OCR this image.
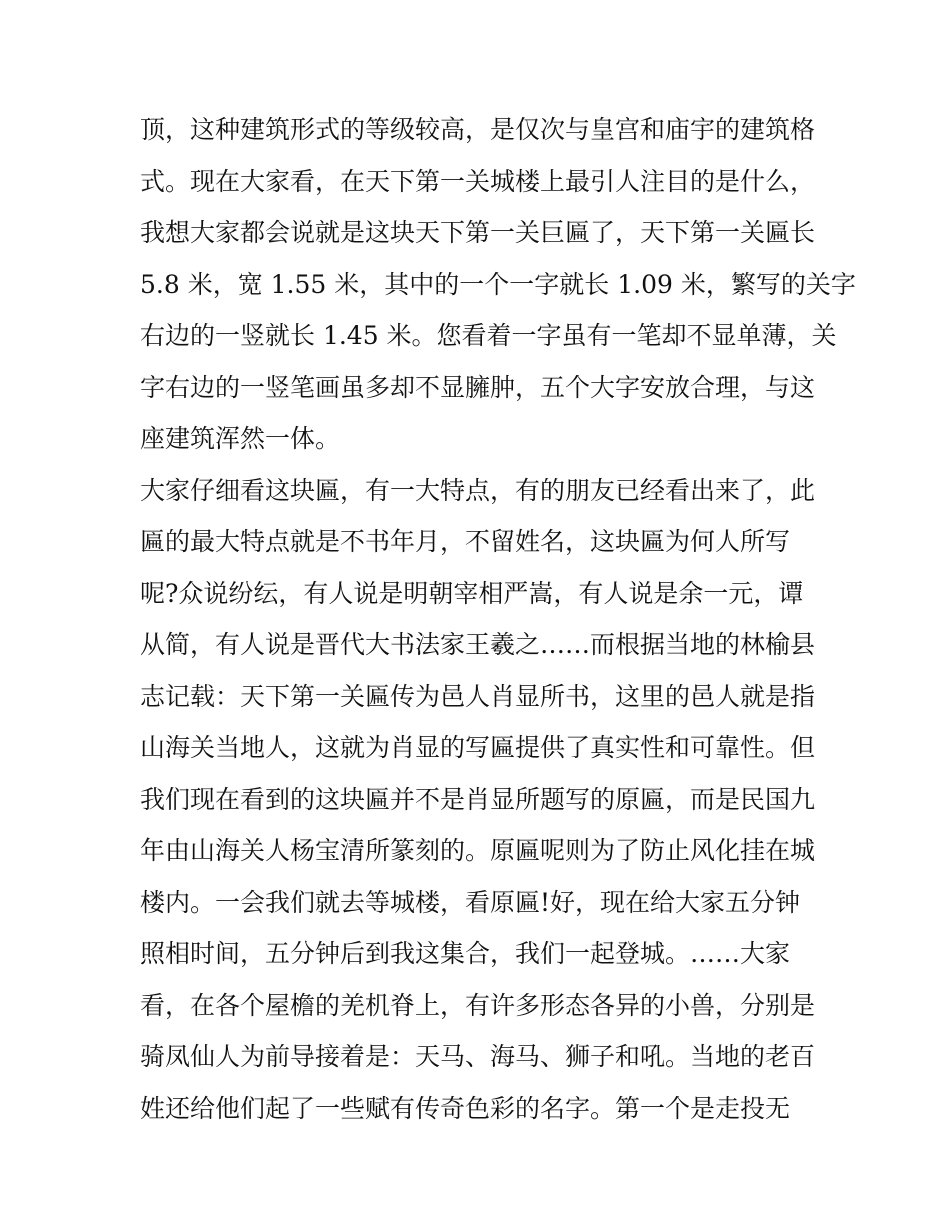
顶，这种建筑形式的等级较高，是仅次与皇宫和庙宇的建筑格
式。现在大家看，在天下第一关城楼上最引人注目的是什么，
我想大家都会说就是这块天下第一关巨匾了，天下第一关匾长
5.8 米，宽 1.55 米，其中的一个一字就长 1.09 米，繁写的关字
右边的一竖就长 1.45 米。您看着一字虽有一笔却不显单薄，关
字右边的一竖笔画虽多却不显臃肿，五个大字安放合理，与这
座建筑浑然一体。
大家仔细看这块匾，有一大特点，有的朋友已经看出来了，此
匾的最大特点就是不书年月，不留姓名，这块匾为何人所写
呢?众说纷纭，有人说是明朝宰相严嵩，有人说是余一元，谭
从简，有人说是晋代大书法家王羲之……而根据当地的林榆县
志记载：天下第一关匾传为邑人肖显所书，这里的邑人就是指
山海关当地人，这就为肖显的写匾提供了真实性和可靠性。但
我们现在看到的这块匾并不是肖显所题写的原匾，而是民国九
年由山海关人杨宝清所篆刻的。原匾呢则为了防止风化挂在城
楼内。一会我们就去等城楼，看原匾!好，现在给大家五分钟
照相时间，五分钟后到我这集合，我们一起登城。……大家
看，在各个屋檐的羌机脊上，有许多形态各异的小兽，分别是
骑凤仙人为前导接着是：天马、海马、狮子和吼。当地的老百
姓还给他们起了一些赋有传奇色彩的名字。第一个是走投无
